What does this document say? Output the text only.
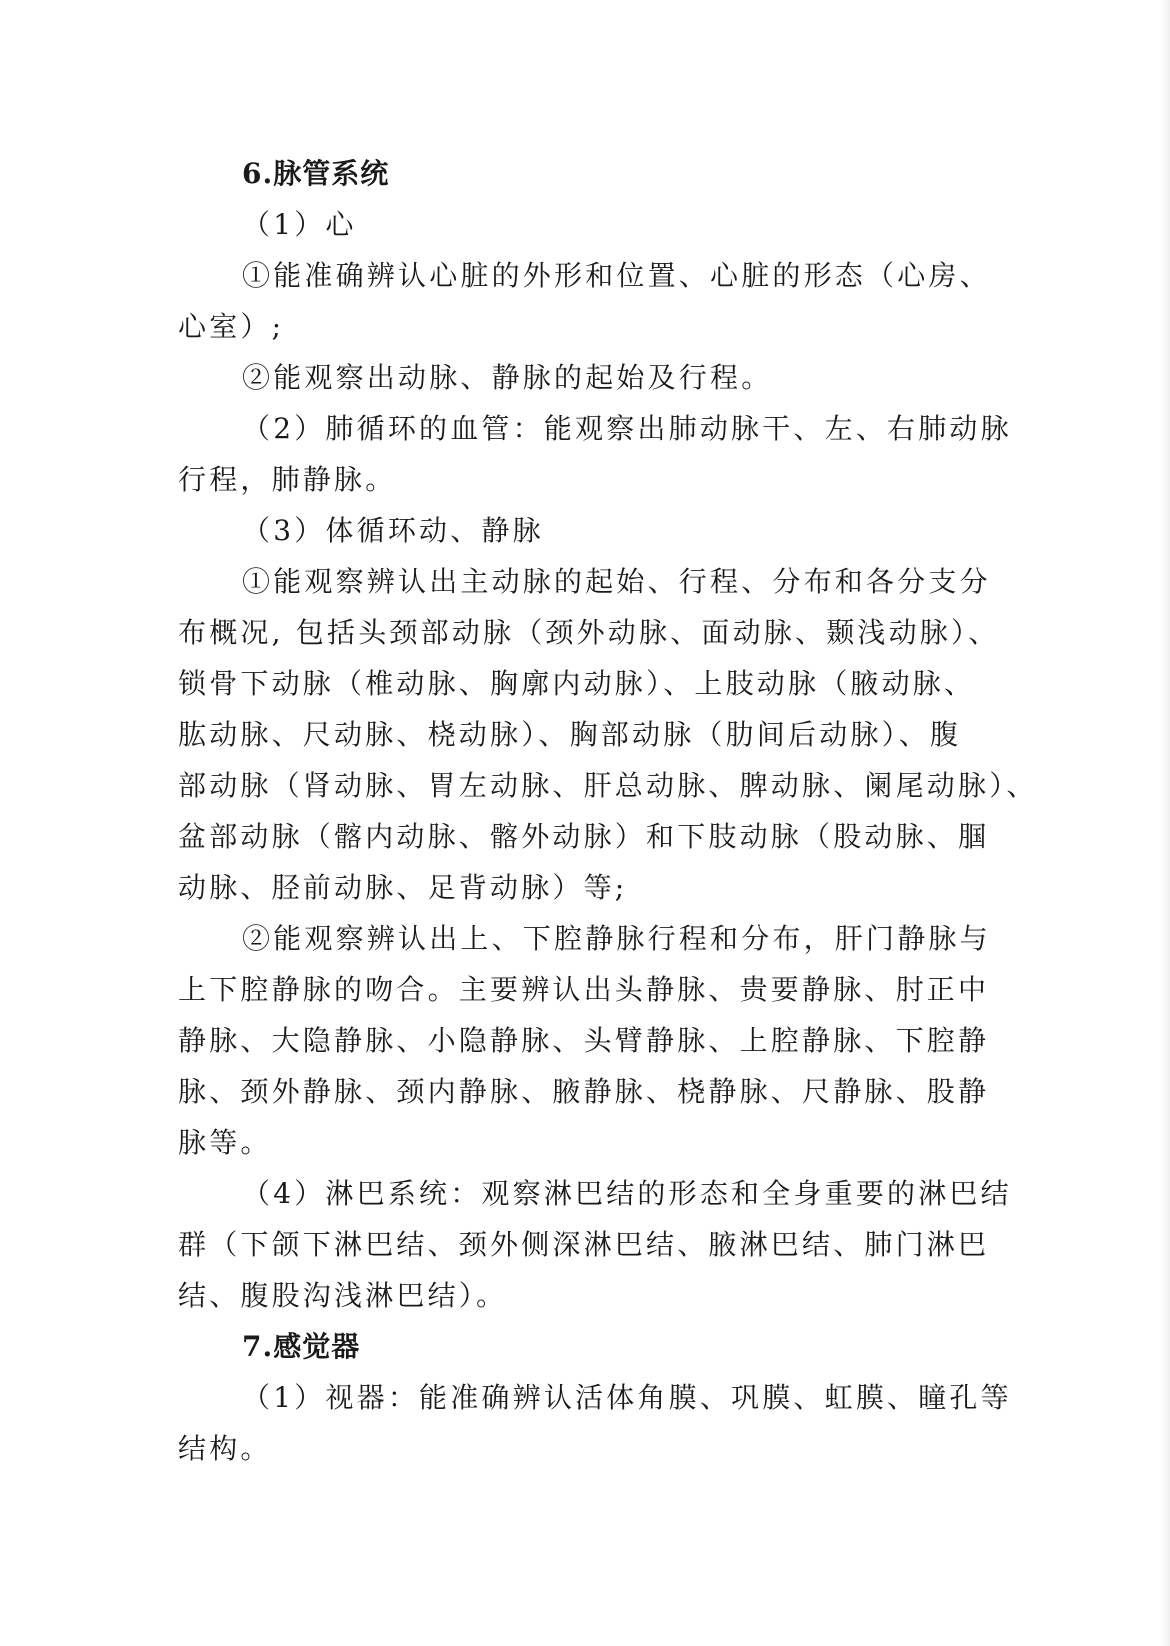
6.脉管系统
（1）心
①能准确辨认心脏的外形和位置、心脏的形态（心房、
心室）;
②能观察出动脉、静脉的起始及行程。
（2）肺循环的血管：能观察出肺动脉干、左、右肺动脉
行程，肺静脉。
（3）体循环动、静脉
①能观察辨认出主动脉的起始、行程、分布和各分支分
布概况, 包括头颈部动脉（颈外动脉、面动脉、颞浅动脉）、
锁骨下动脉（椎动脉、胸廓内动脉）、上肢动脉（腋动脉、
肱动脉、尺动脉、桡动脉）、胸部动脉（肋间后动脉）、腹
部动脉（肾动脉、胃左动脉、肝总动脉、脾动脉、阑尾动脉）、
盆部动脉（髂内动脉、髂外动脉）和下肢动脉（股动脉、腘
动脉、胫前动脉、足背动脉）等;
②能观察辨认出上、下腔静脉行程和分布，肝门静脉与
上下腔静脉的吻合。主要辨认出头静脉、贵要静脉、肘正中
静脉、大隐静脉、小隐静脉、头臂静脉、上腔静脉、下腔静
脉、颈外静脉、颈内静脉、腋静脉、桡静脉、尺静脉、股静
脉等。
（4）淋巴系统：观察淋巴结的形态和全身重要的淋巴结
群（下颌下淋巴结、颈外侧深淋巴结、腋淋巴结、肺门淋巴
结、腹股沟浅淋巴结）。
7.感觉器
（1）视器：能准确辨认活体角膜、巩膜、虹膜、瞳孔等
结构。
